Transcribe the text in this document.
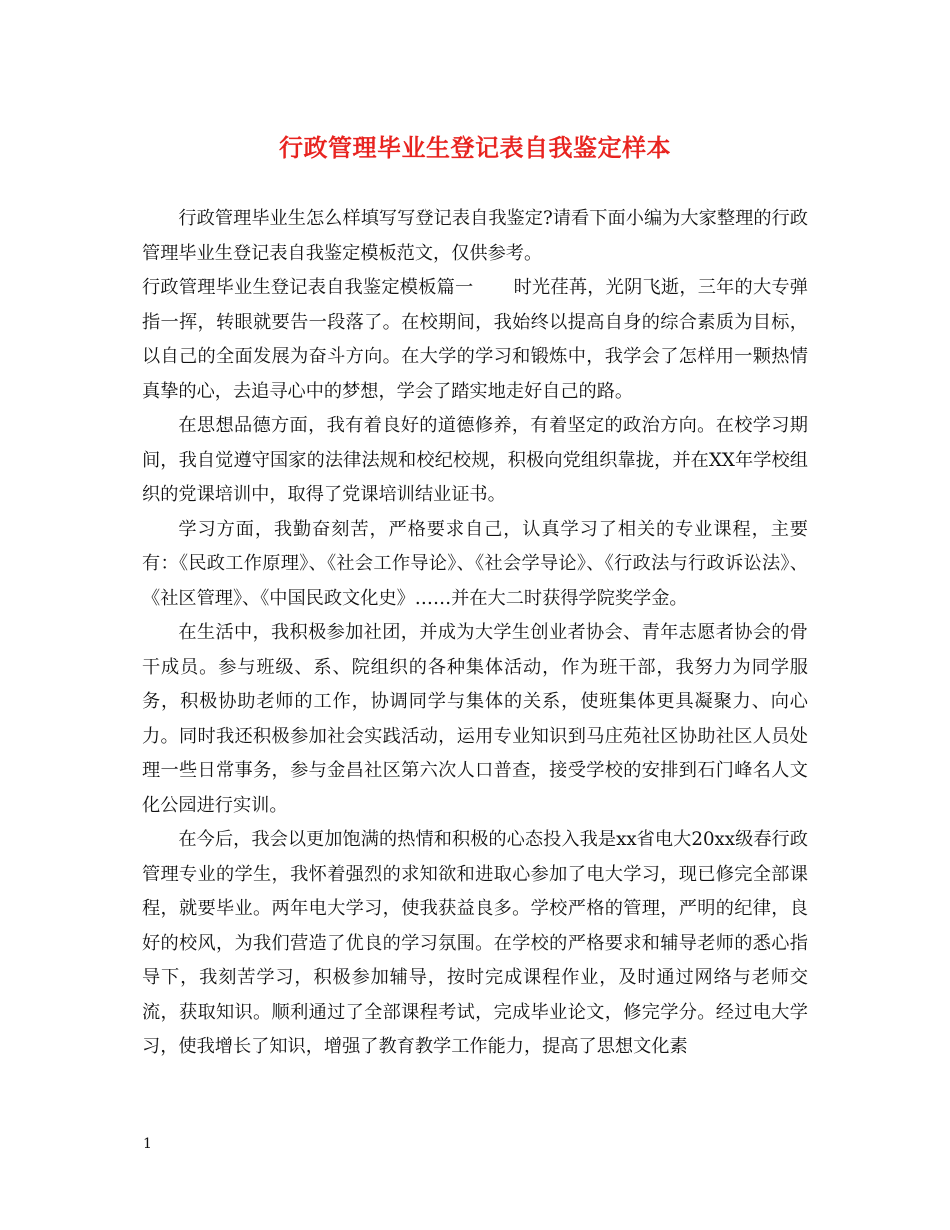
行政管理毕业生登记表自我鉴定样本

行政管理毕业生怎么样填写写登记表自我鉴定?请看下面小编为大家整理的行政管理毕业生登记表自我鉴定模板范文，仅供参考。

行政管理毕业生登记表自我鉴定模板篇一 时光荏苒，光阴飞逝，三年的大专弹指一挥，转眼就要告一段落了。在校期间，我始终以提高自身的综合素质为目标，以自己的全面发展为奋斗方向。在大学的学习和锻炼中，我学会了怎样用一颗热情真挚的心，去追寻心中的梦想，学会了踏实地走好自己的路。

在思想品德方面，我有着良好的道德修养，有着坚定的政治方向。在校学习期间，我自觉遵守国家的法律法规和校纪校规，积极向党组织靠拢，并在XX年学校组织的党课培训中，取得了党课培训结业证书。

学习方面，我勤奋刻苦，严格要求自己，认真学习了相关的专业课程，主要有：《民政工作原理》、《社会工作导论》、《社会学导论》、《行政法与行政诉讼法》、《社区管理》、《中国民政文化史》……并在大二时获得学院奖学金。

在生活中，我积极参加社团，并成为大学生创业者协会、青年志愿者协会的骨干成员。参与班级、系、院组织的各种集体活动，作为班干部，我努力为同学服务，积极协助老师的工作，协调同学与集体的关系，使班集体更具凝聚力、向心力。同时我还积极参加社会实践活动，运用专业知识到马庄苑社区协助社区人员处理一些日常事务，参与金昌社区第六次人口普查，接受学校的安排到石门峰名人文化公园进行实训。

在今后，我会以更加饱满的热情和积极的心态投入我是xx省电大20xx级春行政管理专业的学生，我怀着强烈的求知欲和进取心参加了电大学习，现已修完全部课程，就要毕业。两年电大学习，使我获益良多。学校严格的管理，严明的纪律，良好的校风，为我们营造了优良的学习氛围。在学校的严格要求和辅导老师的悉心指导下，我刻苦学习，积极参加辅导，按时完成课程作业，及时通过网络与老师交流，获取知识。顺利通过了全部课程考试，完成毕业论文，修完学分。经过电大学习，使我增长了知识，增强了教育教学工作能力，提高了思想文化素

1
